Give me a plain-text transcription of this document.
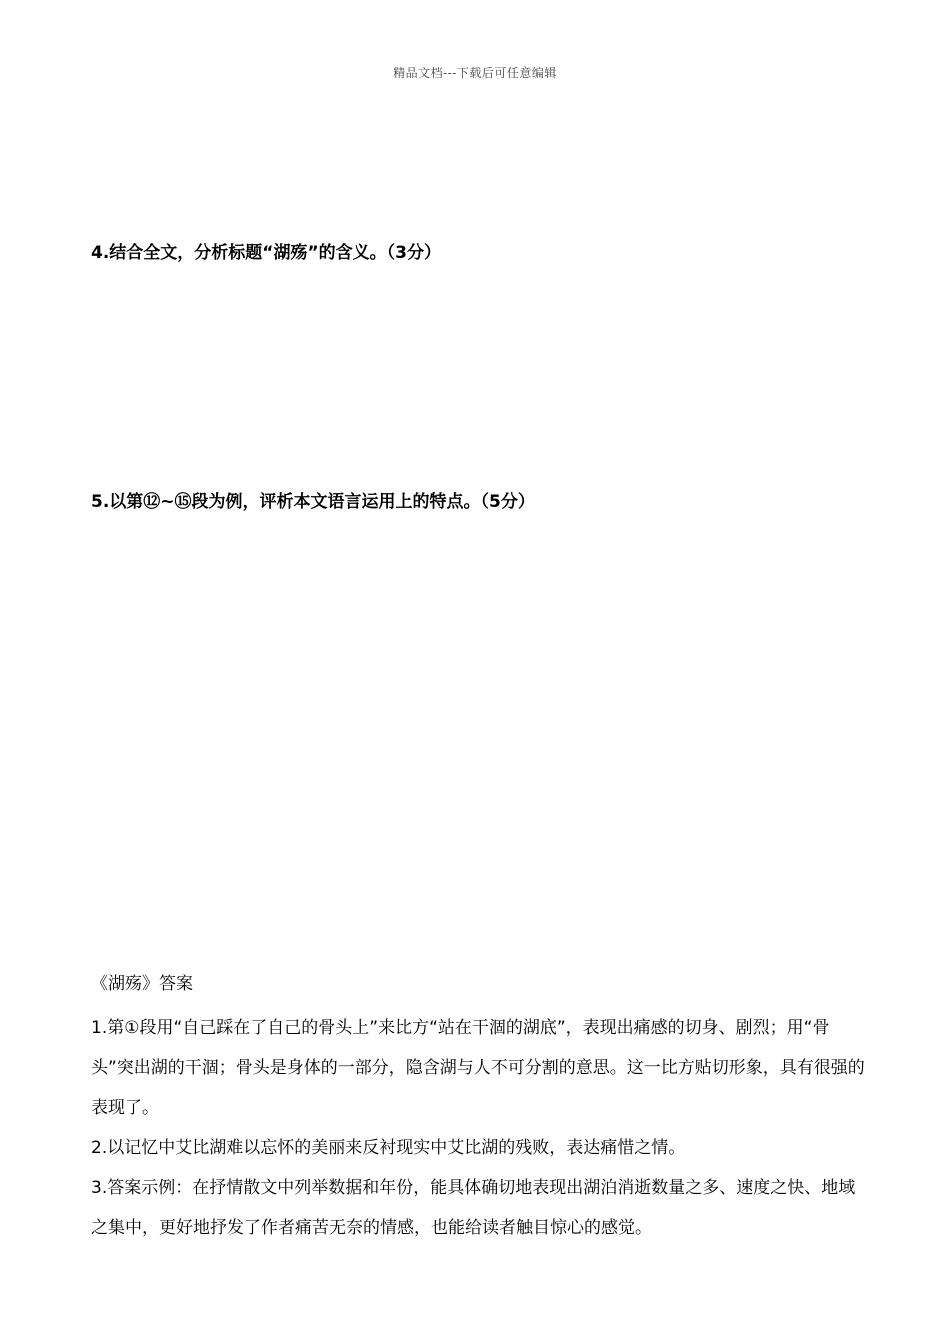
精品文档---下载后可任意编辑
4.结合全文，分析标题“湖殇”的含义。（3分）
5.以第⑫~⑮段为例，评析本文语言运用上的特点。（5分）
《湖殇》答案

1.第①段用“自己踩在了自己的骨头上”来比方“站在干涸的湖底”，表现出痛感的切身、剧烈；用“骨头”突出湖的干涸；骨头是身体的一部分，隐含湖与人不可分割的意思。这一比方贴切形象，具有很强的表现了。

2.以记忆中艾比湖难以忘怀的美丽来反衬现实中艾比湖的残败，表达痛惜之情。

3.答案示例：在抒情散文中列举数据和年份，能具体确切地表现出湖泊消逝数量之多、速度之快、地域之集中，更好地抒发了作者痛苦无奈的情感，也能给读者触目惊心的感觉。
